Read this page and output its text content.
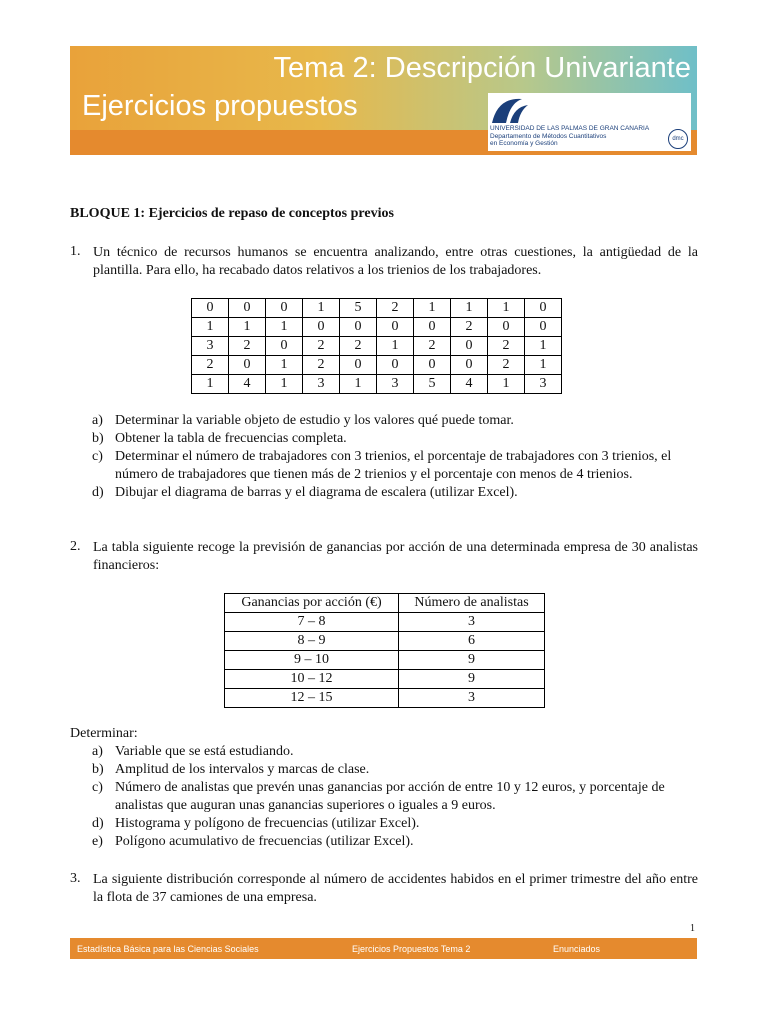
Tema 2: Descripción Univariante
Ejercicios propuestos
UNIVERSIDAD DE LAS PALMAS DE GRAN CANARIA
Departamento de Métodos Cuantitativos
en Economía y Gestión
dmc
BLOQUE 1: Ejercicios de repaso de conceptos previos
1. Un técnico de recursos humanos se encuentra analizando, entre otras cuestiones, la antigüedad de la plantilla. Para ello, ha recabado datos relativos a los trienios de los trabajadores.
0	0	0	1	5	2	1	1	1	0
1	1	1	0	0	0	0	2	0	0
3	2	0	2	2	1	2	0	2	1
2	0	1	2	0	0	0	0	2	1
1	4	1	3	1	3	5	4	1	3
a) Determinar la variable objeto de estudio y los valores qué puede tomar.
b) Obtener la tabla de frecuencias completa.
c) Determinar el número de trabajadores con 3 trienios, el porcentaje de trabajadores con 3 trienios, el número de trabajadores que tienen más de 2 trienios y el porcentaje con menos de 4 trienios.
d) Dibujar el diagrama de barras y el diagrama de escalera (utilizar Excel).
2. La tabla siguiente recoge la previsión de ganancias por acción de una determinada empresa de 30 analistas financieros:
Ganancias por acción (€)	Número de analistas
7 – 8	3
8 – 9	6
9 – 10	9
10 – 12	9
12 – 15	3
Determinar:
a) Variable que se está estudiando.
b) Amplitud de los intervalos y marcas de clase.
c) Número de analistas que prevén unas ganancias por acción de entre 10 y 12 euros, y porcentaje de analistas que auguran unas ganancias superiores o iguales a 9 euros.
d) Histograma y polígono de frecuencias (utilizar Excel).
e) Polígono acumulativo de frecuencias (utilizar Excel).
3. La siguiente distribución corresponde al número de accidentes habidos en el primer trimestre del año entre la flota de 37 camiones de una empresa.
1
Estadística Básica para las Ciencias Sociales	Ejercicios Propuestos Tema 2	Enunciados
